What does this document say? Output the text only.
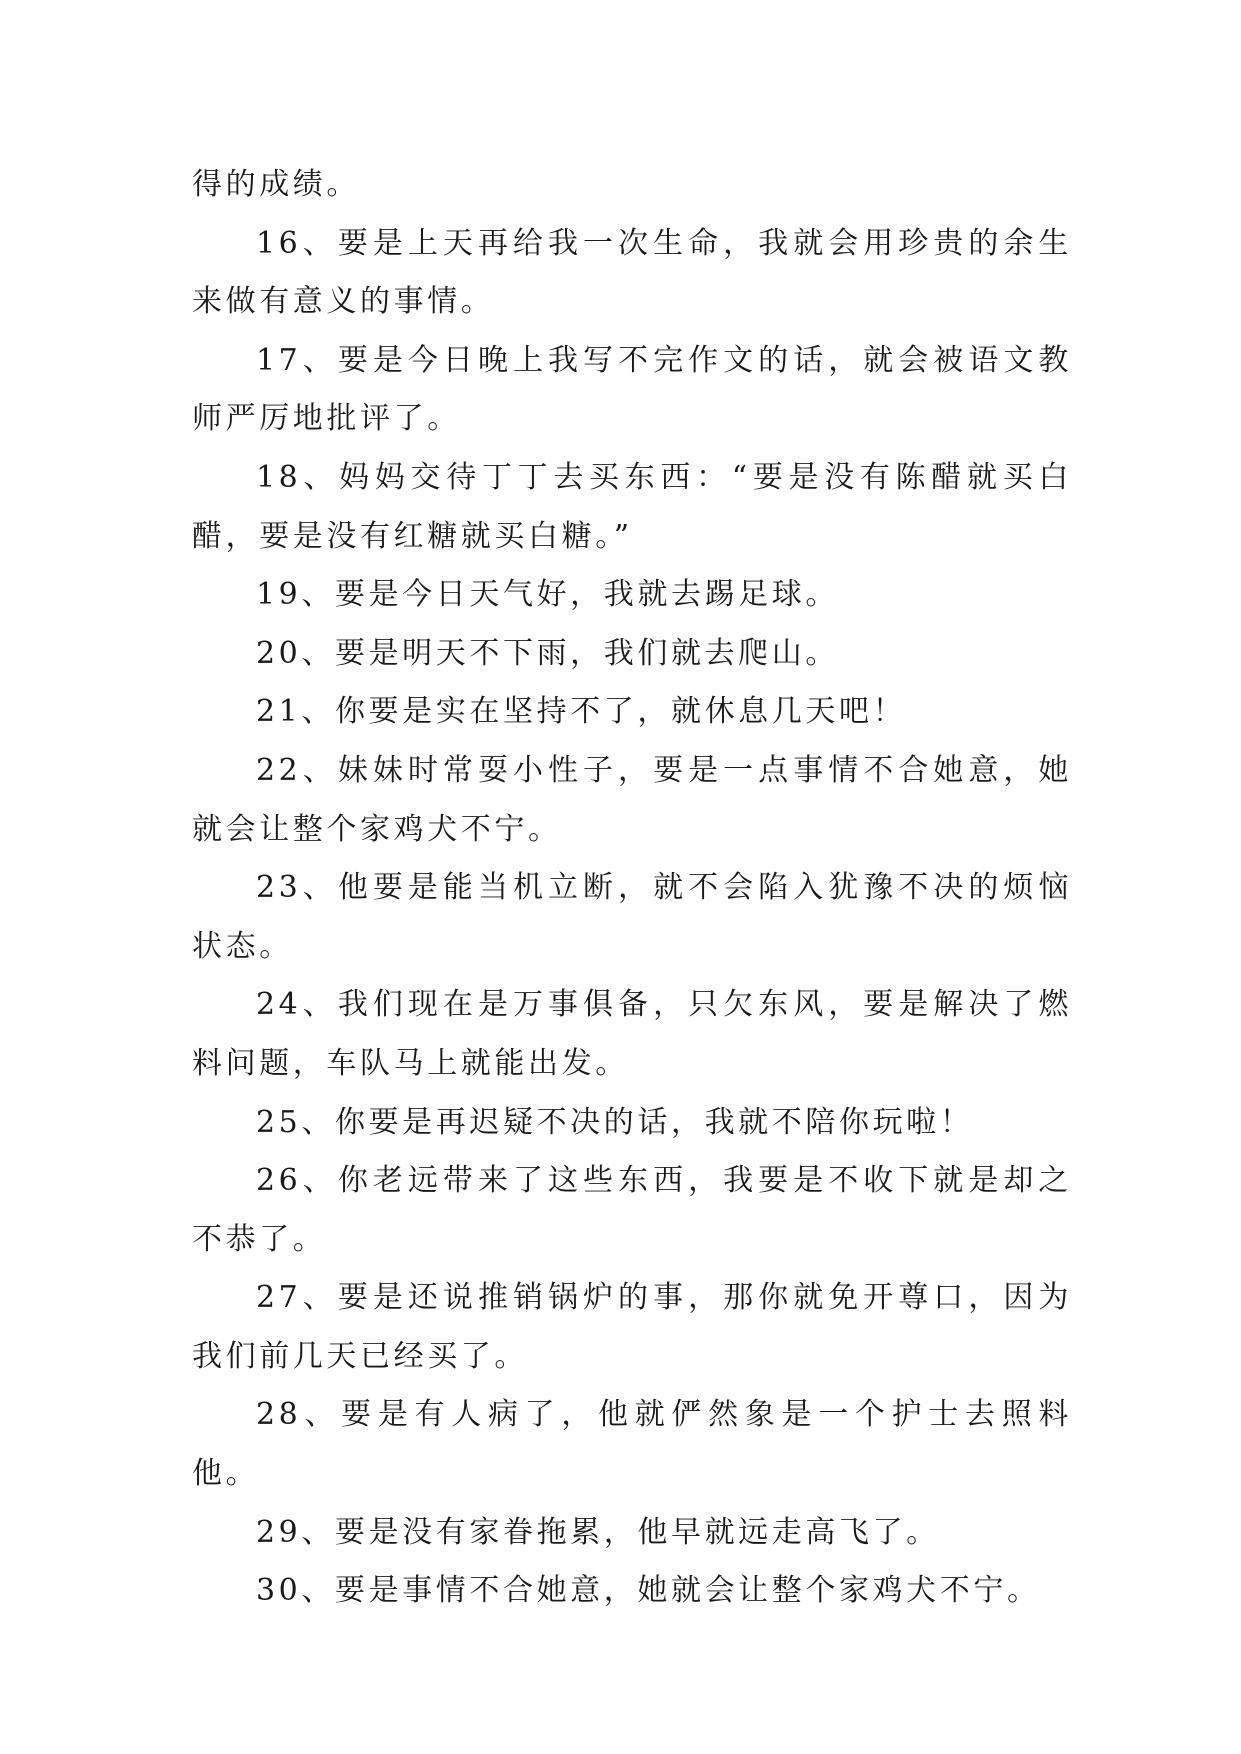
得的成绩。

16、要是上天再给我一次生命，我就会用珍贵的余生来做有意义的事情。

17、要是今日晚上我写不完作文的话，就会被语文教师严厉地批评了。

18、妈妈交待丁丁去买东西：“要是没有陈醋就买白醋，要是没有红糖就买白糖。”

19、要是今日天气好，我就去踢足球。

20、要是明天不下雨，我们就去爬山。

21、你要是实在坚持不了，就休息几天吧！

22、妹妹时常耍小性子，要是一点事情不合她意，她就会让整个家鸡犬不宁。

23、他要是能当机立断，就不会陷入犹豫不决的烦恼状态。

24、我们现在是万事俱备，只欠东风，要是解决了燃料问题，车队马上就能出发。

25、你要是再迟疑不决的话，我就不陪你玩啦！

26、你老远带来了这些东西，我要是不收下就是却之不恭了。

27、要是还说推销锅炉的事，那你就免开尊口，因为我们前几天已经买了。

28、要是有人病了，他就俨然象是一个护士去照料他。

29、要是没有家眷拖累，他早就远走高飞了。

30、要是事情不合她意，她就会让整个家鸡犬不宁。
